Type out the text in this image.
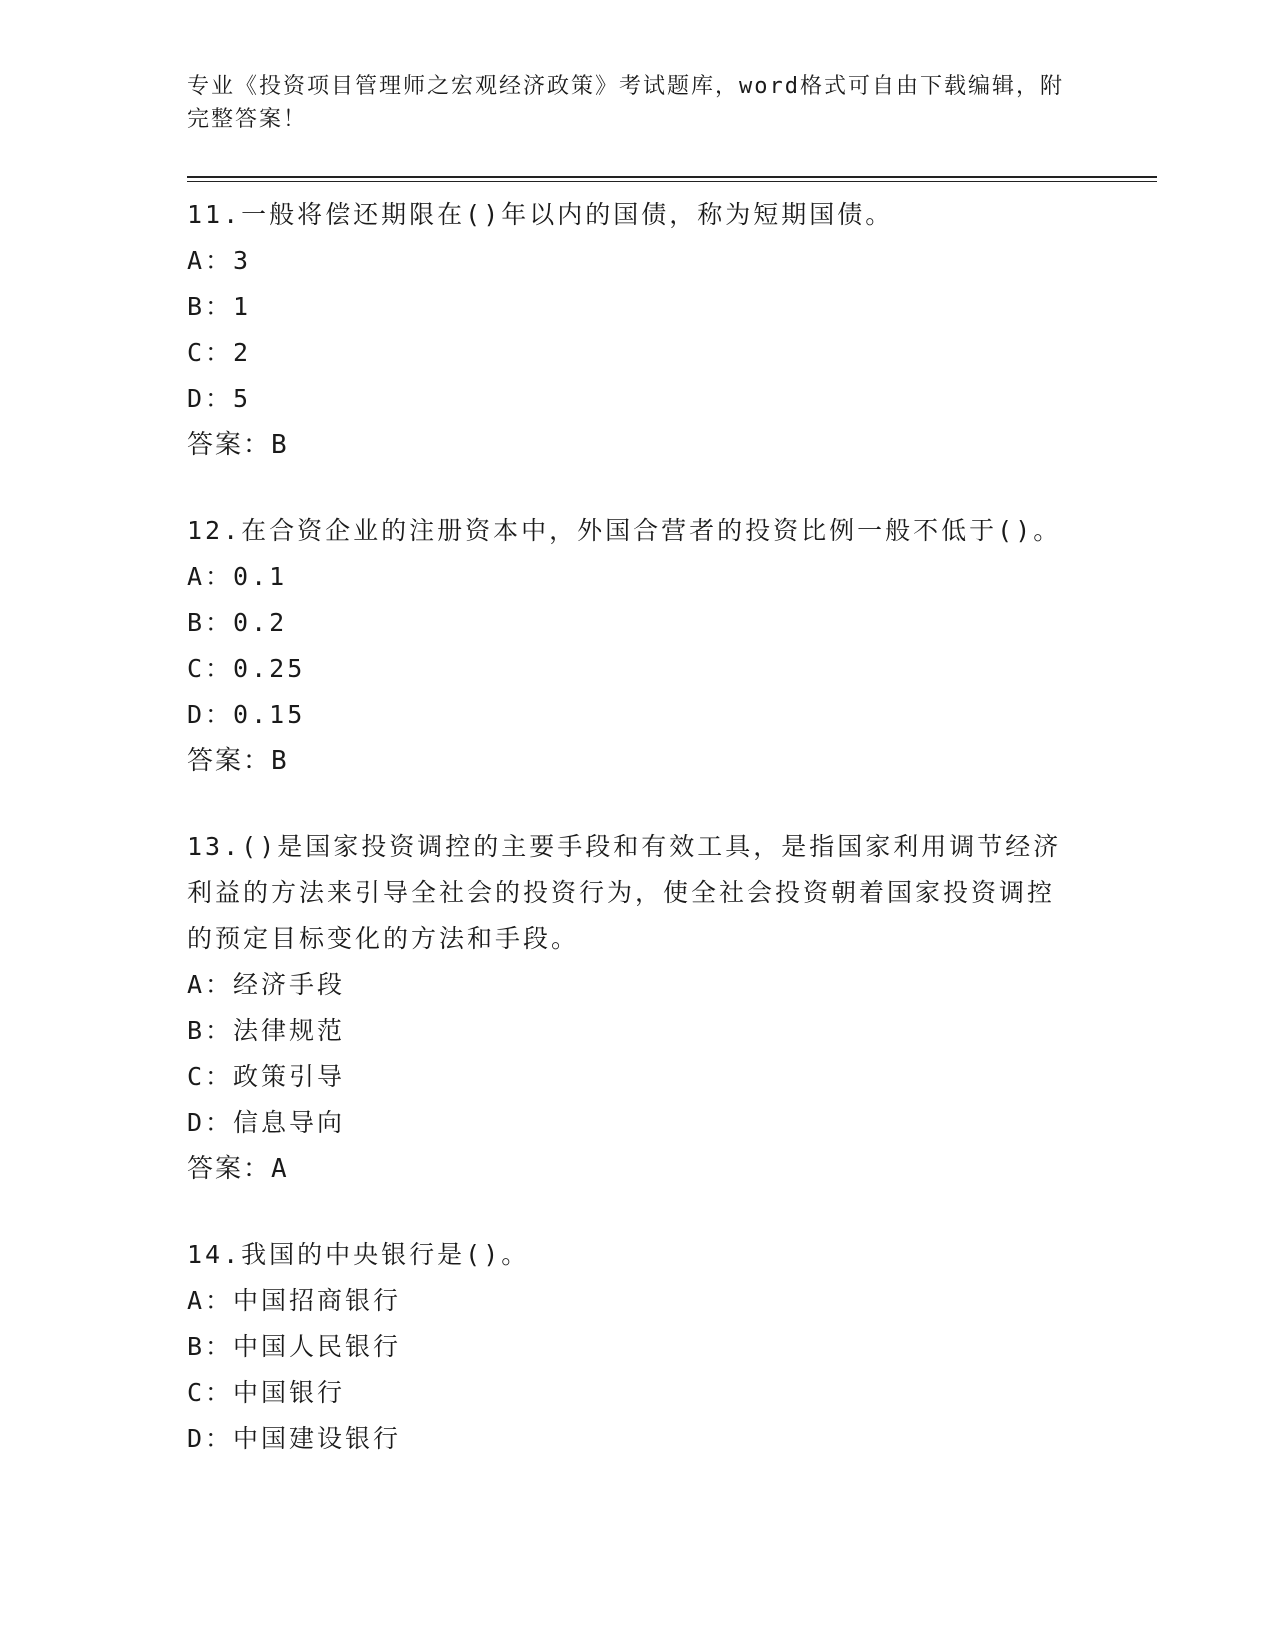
专业《投资项目管理师之宏观经济政策》考试题库，word格式可自由下载编辑，附完整答案！

11.一般将偿还期限在()年以内的国债，称为短期国债。

A：3

B：1

C：2

D：5

答案：B

12.在合资企业的注册资本中，外国合营者的投资比例一般不低于()。

A：0.1

B：0.2

C：0.25

D：0.15

答案：B

13.()是国家投资调控的主要手段和有效工具，是指国家利用调节经济利益的方法来引导全社会的投资行为，使全社会投资朝着国家投资调控的预定目标变化的方法和手段。

A：经济手段

B：法律规范

C：政策引导

D：信息导向

答案：A

14.我国的中央银行是()。

A：中国招商银行

B：中国人民银行

C：中国银行

D：中国建设银行
